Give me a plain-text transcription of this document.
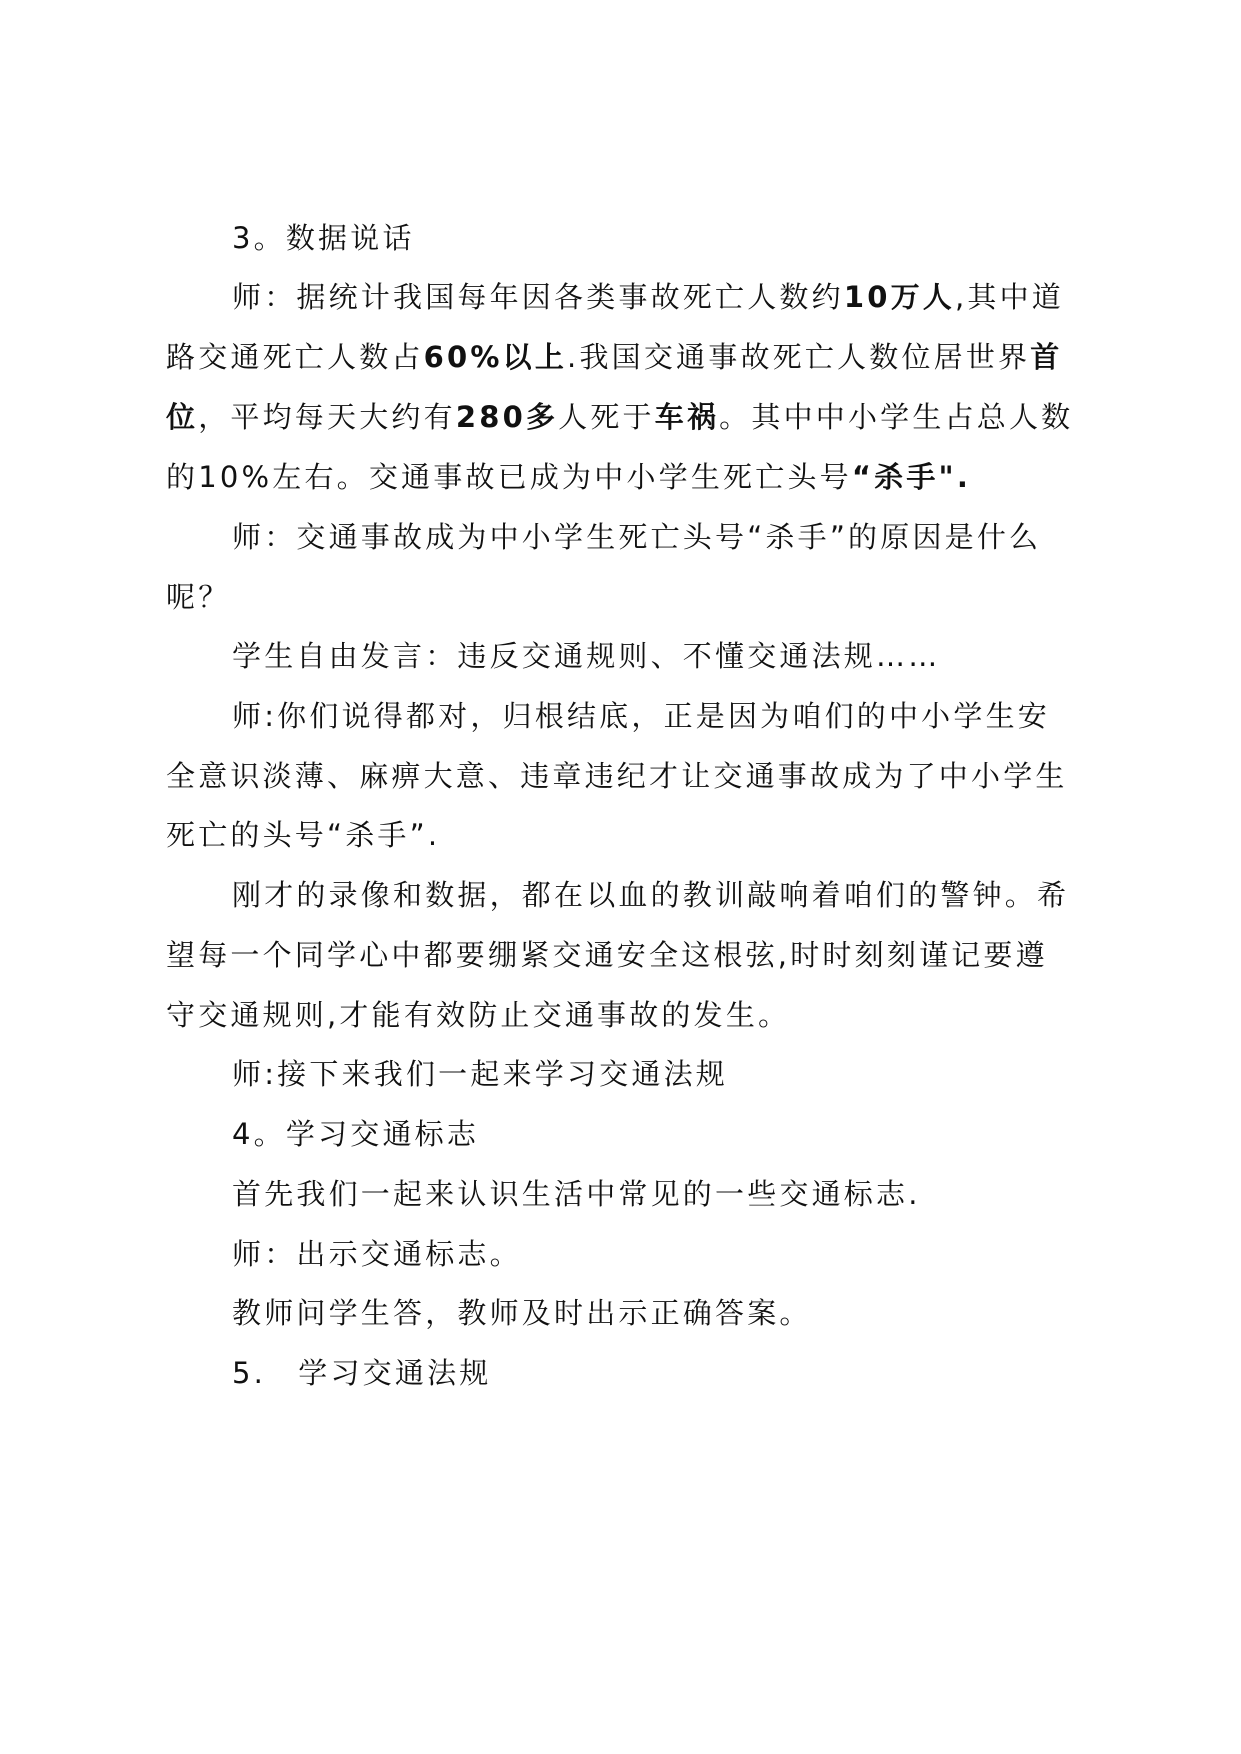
3。数据说话
师：据统计我国每年因各类事故死亡人数约10万人,其中道
路交通死亡人数占60%以上.我国交通事故死亡人数位居世界首
位，平均每天大约有280多人死于车祸。其中中小学生占总人数
的10%左右。交通事故已成为中小学生死亡头号“杀手".
师：交通事故成为中小学生死亡头号“杀手”的原因是什么
呢？
学生自由发言：违反交通规则、不懂交通法规……
师:你们说得都对，归根结底，正是因为咱们的中小学生安
全意识淡薄、麻痹大意、违章违纪才让交通事故成为了中小学生
死亡的头号“杀手”.
刚才的录像和数据，都在以血的教训敲响着咱们的警钟。希
望每一个同学心中都要绷紧交通安全这根弦,时时刻刻谨记要遵
守交通规则,才能有效防止交通事故的发生。
师:接下来我们一起来学习交通法规
4。学习交通标志
首先我们一起来认识生活中常见的一些交通标志.
师：出示交通标志。
教师问学生答，教师及时出示正确答案。
5.　学习交通法规
